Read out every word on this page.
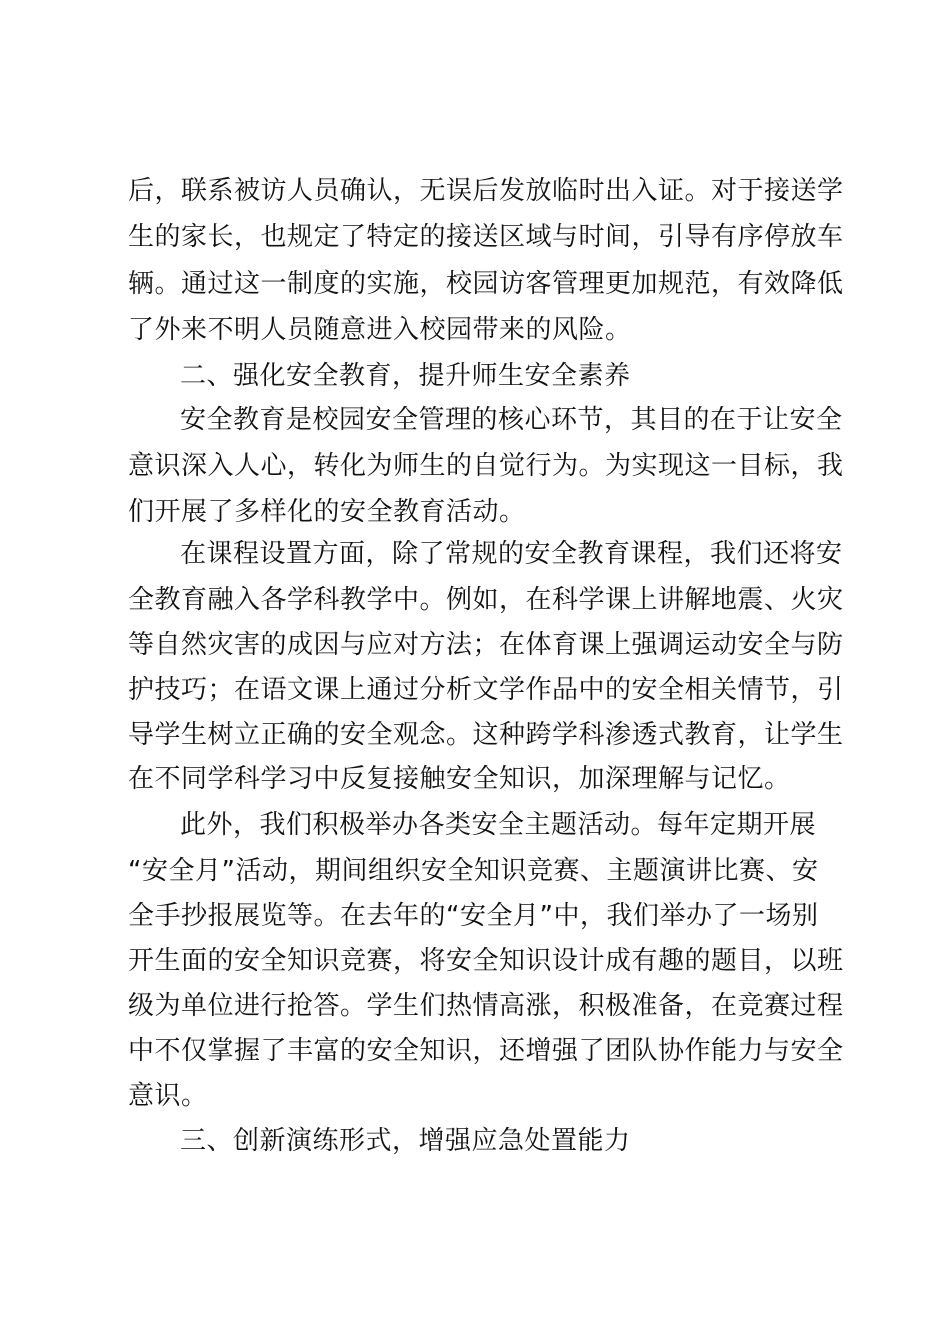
后，联系被访人员确认，无误后发放临时出入证。对于接送学

生的家长，也规定了特定的接送区域与时间，引导有序停放车

辆。通过这一制度的实施，校园访客管理更加规范，有效降低

了外来不明人员随意进入校园带来的风险。

二、强化安全教育，提升师生安全素养

安全教育是校园安全管理的核心环节，其目的在于让安全

意识深入人心，转化为师生的自觉行为。为实现这一目标，我

们开展了多样化的安全教育活动。

在课程设置方面，除了常规的安全教育课程，我们还将安

全教育融入各学科教学中。例如，在科学课上讲解地震、火灾

等自然灾害的成因与应对方法；在体育课上强调运动安全与防

护技巧；在语文课上通过分析文学作品中的安全相关情节，引

导学生树立正确的安全观念。这种跨学科渗透式教育，让学生

在不同学科学习中反复接触安全知识，加深理解与记忆。

此外，我们积极举办各类安全主题活动。每年定期开展

“安全月”活动，期间组织安全知识竞赛、主题演讲比赛、安

全手抄报展览等。在去年的“安全月”中，我们举办了一场别

开生面的安全知识竞赛，将安全知识设计成有趣的题目，以班

级为单位进行抢答。学生们热情高涨，积极准备，在竞赛过程

中不仅掌握了丰富的安全知识，还增强了团队协作能力与安全

意识。

三、创新演练形式，增强应急处置能力
